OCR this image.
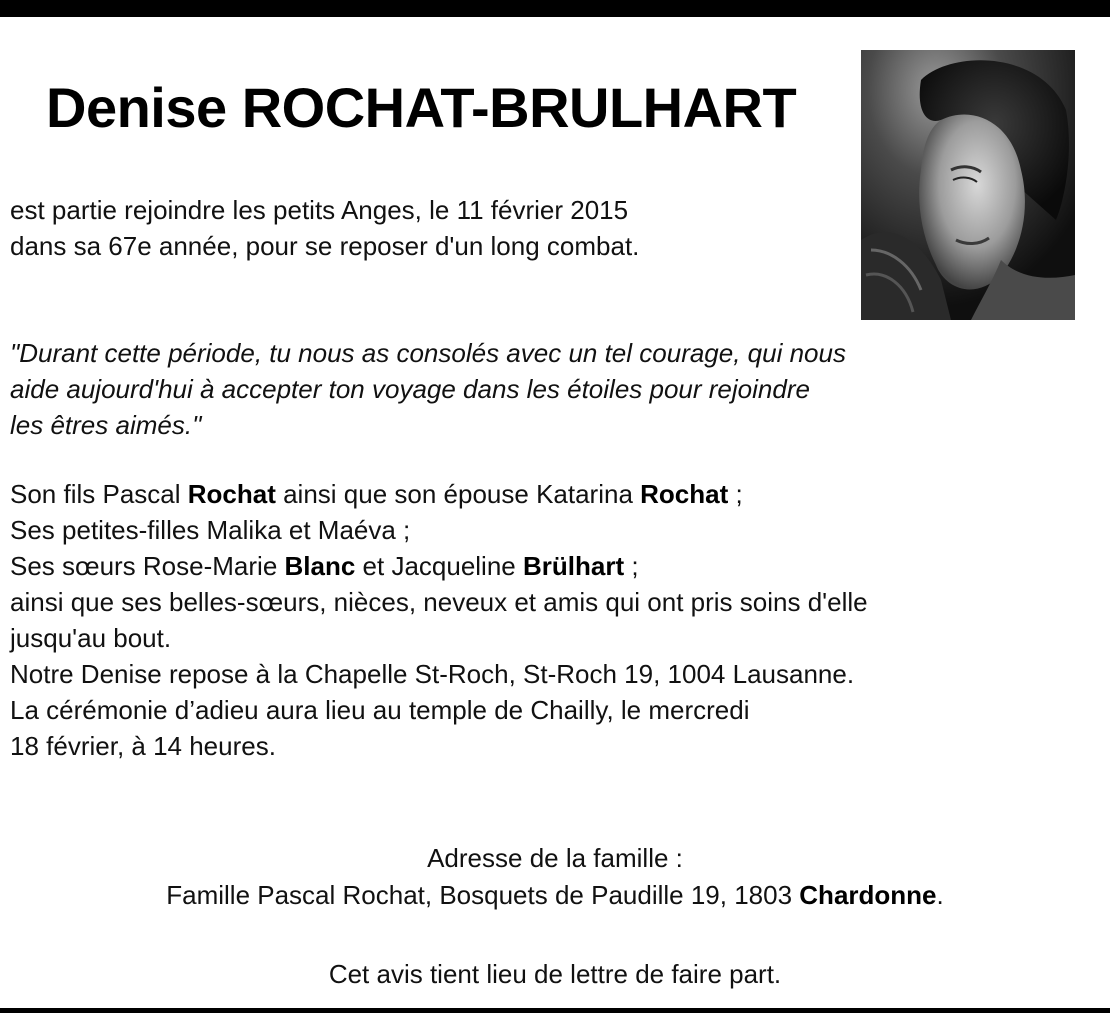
Denise ROCHAT-BRULHART
est partie rejoindre les petits Anges, le 11 février 2015
dans sa 67e année, pour se reposer d'un long combat.
"Durant cette période, tu nous as consolés avec un tel courage, qui nous
aide aujourd'hui à accepter ton voyage dans les étoiles pour rejoindre
les êtres aimés."
Son fils Pascal Rochat ainsi que son épouse Katarina Rochat ;
Ses petites-filles Malika et Maéva ;
Ses sœurs Rose-Marie Blanc et Jacqueline Brülhart ;
ainsi que ses belles-sœurs, nièces, neveux et amis qui ont pris soins d'elle
jusqu'au bout.
Notre Denise repose à la Chapelle St-Roch, St-Roch 19, 1004 Lausanne.
La cérémonie d’adieu aura lieu au temple de Chailly, le mercredi
18 février, à 14 heures.
Adresse de la famille :
Famille Pascal Rochat, Bosquets de Paudille 19, 1803 Chardonne.
Cet avis tient lieu de lettre de faire part.
